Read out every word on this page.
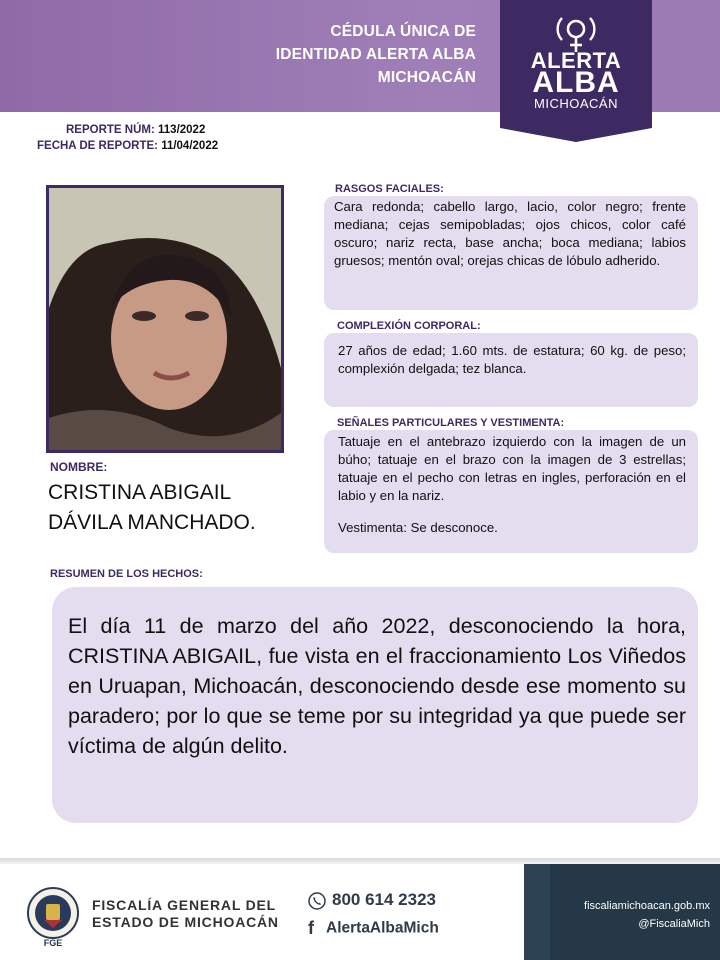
CÉDULA ÚNICA DE
IDENTIDAD ALERTA ALBA
MICHOACÁN
ALERTA
ALBA
MICHOACÁN
REPORTE NÚM: 113/2022
FECHA DE REPORTE: 11/04/2022
NOMBRE:
CRISTINA ABIGAIL
DÁVILA MANCHADO.
RASGOS FACIALES:
Cara redonda; cabello largo, lacio, color negro; frente mediana; cejas semipobladas; ojos chicos, color café oscuro; nariz recta, base ancha; boca mediana; labios gruesos; mentón oval; orejas chicas de lóbulo adherido.
COMPLEXIÓN CORPORAL:
27 años de edad; 1.60 mts. de estatura; 60 kg. de peso; complexión delgada; tez blanca.
SEÑALES PARTICULARES Y VESTIMENTA:
Tatuaje en el antebrazo izquierdo con la imagen de un búho; tatuaje en el brazo con la imagen de 3 estrellas; tatuaje en el pecho con letras en ingles, perforación en el labio y en la nariz.
Vestimenta: Se desconoce.
RESUMEN DE LOS HECHOS:
El día 11 de marzo del año 2022, desconociendo la hora, CRISTINA ABIGAIL, fue vista en el fraccionamiento Los Viñedos en Uruapan, Michoacán, desconociendo desde ese momento su paradero; por lo que se teme por su integridad ya que puede ser víctima de algún delito.
FGE
FISCALÍA GENERAL DEL
ESTADO DE MICHOACÁN
800 614 2323
f AlertaAlbaMich
fiscaliamichoacan.gob.mx
@FiscaliaMich
